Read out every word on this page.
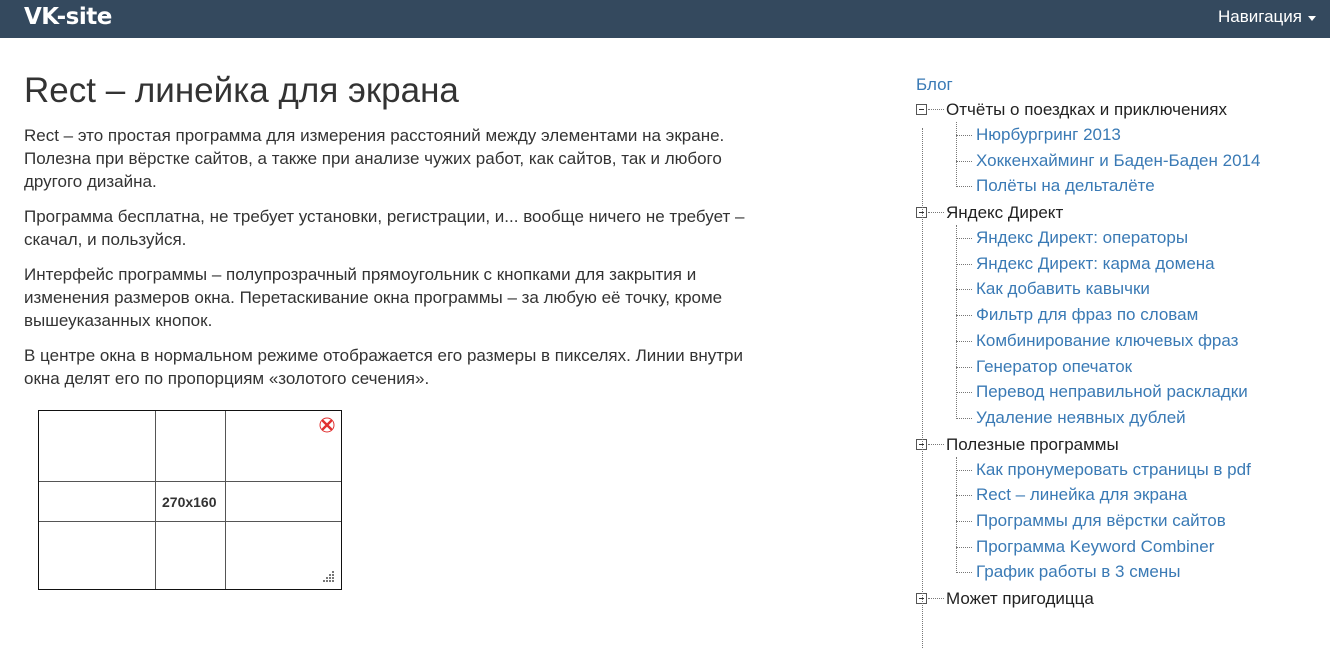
VK-site	Навигация
Rect – линейка для экрана

Rect – это простая программа для измерения расстояний между элементами на экране. Полезна при вёрстке сайтов, а также при анализе чужих работ, как сайтов, так и любого другого дизайна.

Программа бесплатна, не требует установки, регистрации, и... вообще ничего не требует – скачал, и пользуйся.

Интерфейс программы – полупрозрачный прямоугольник с кнопками для закрытия и изменения размеров окна. Перетаскивание окна программы – за любую её точку, кроме вышеуказанных кнопок.

В центре окна в нормальном режиме отображается его размеры в пикселях. Линии внутри окна делят его по пропорциям «золотого сечения».

270x160
Блог
Отчёты о поездках и приключениях
Нюрбургринг 2013
Хоккенхайминг и Баден-Баден 2014
Полёты на дельталёте
Яндекс Директ
Яндекс Директ: операторы
Яндекс Директ: карма домена
Как добавить кавычки
Фильтр для фраз по словам
Комбинирование ключевых фраз
Генератор опечаток
Перевод неправильной раскладки
Удаление неявных дублей
Полезные программы
Как пронумеровать страницы в pdf
Rect – линейка для экрана
Программы для вёрстки сайтов
Программа Keyword Combiner
График работы в 3 смены
Может пригодицца
